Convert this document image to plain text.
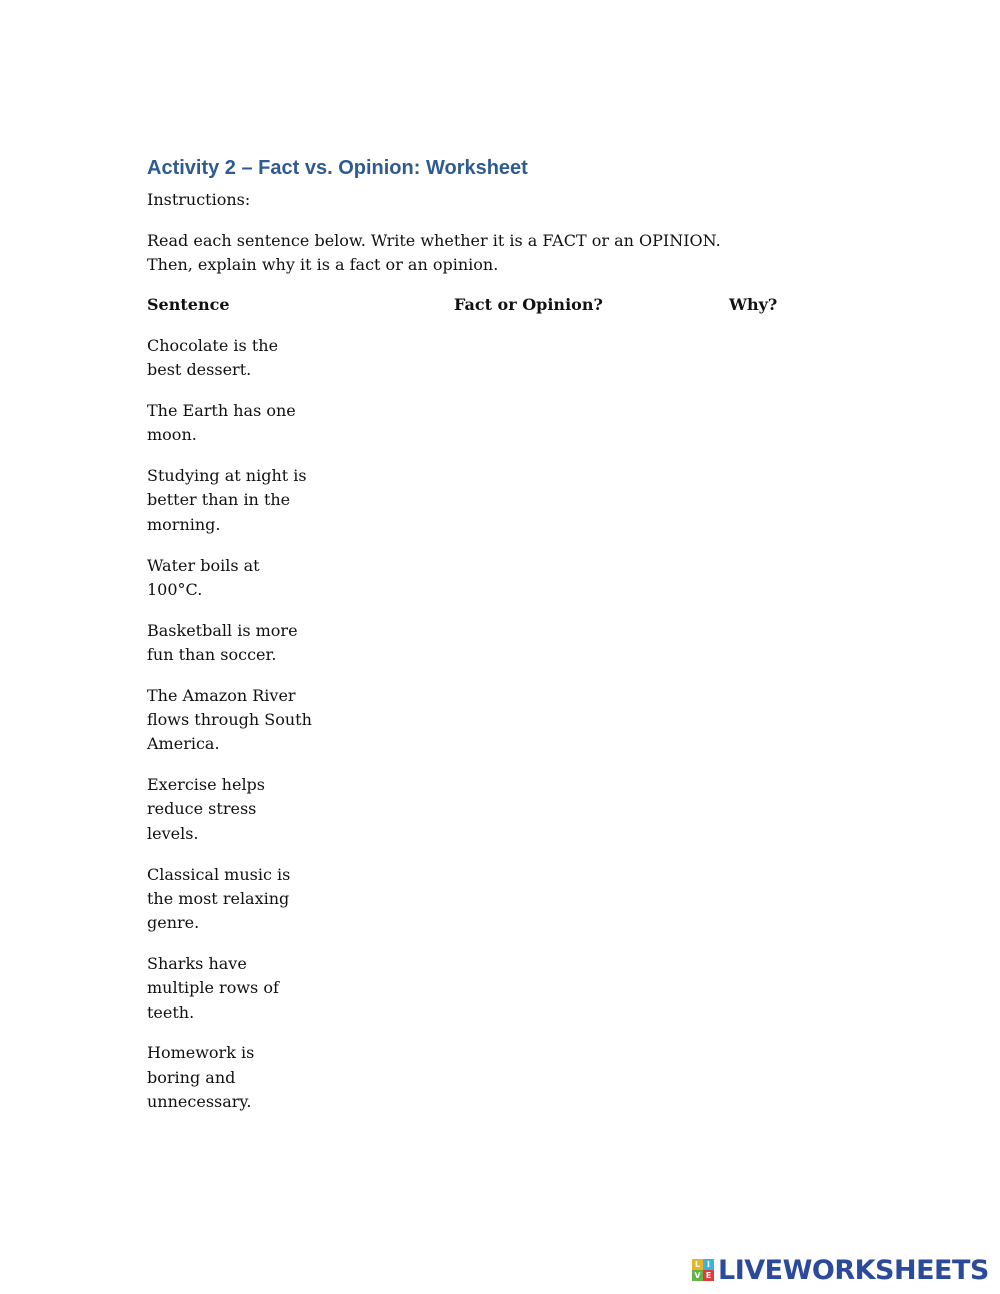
Activity 2 – Fact vs. Opinion: Worksheet
Instructions:
Read each sentence below. Write whether it is a FACT or an OPINION.
Then, explain why it is a fact or an opinion.
Sentence	Fact or Opinion?	Why?
Chocolate is the best dessert.
The Earth has one moon.
Studying at night is better than in the morning.
Water boils at 100°C.
Basketball is more fun than soccer.
The Amazon River flows through South America.
Exercise helps reduce stress levels.
Classical music is the most relaxing genre.
Sharks have multiple rows of teeth.
Homework is boring and unnecessary.
L I
V E LIVEWORKSHEETS
